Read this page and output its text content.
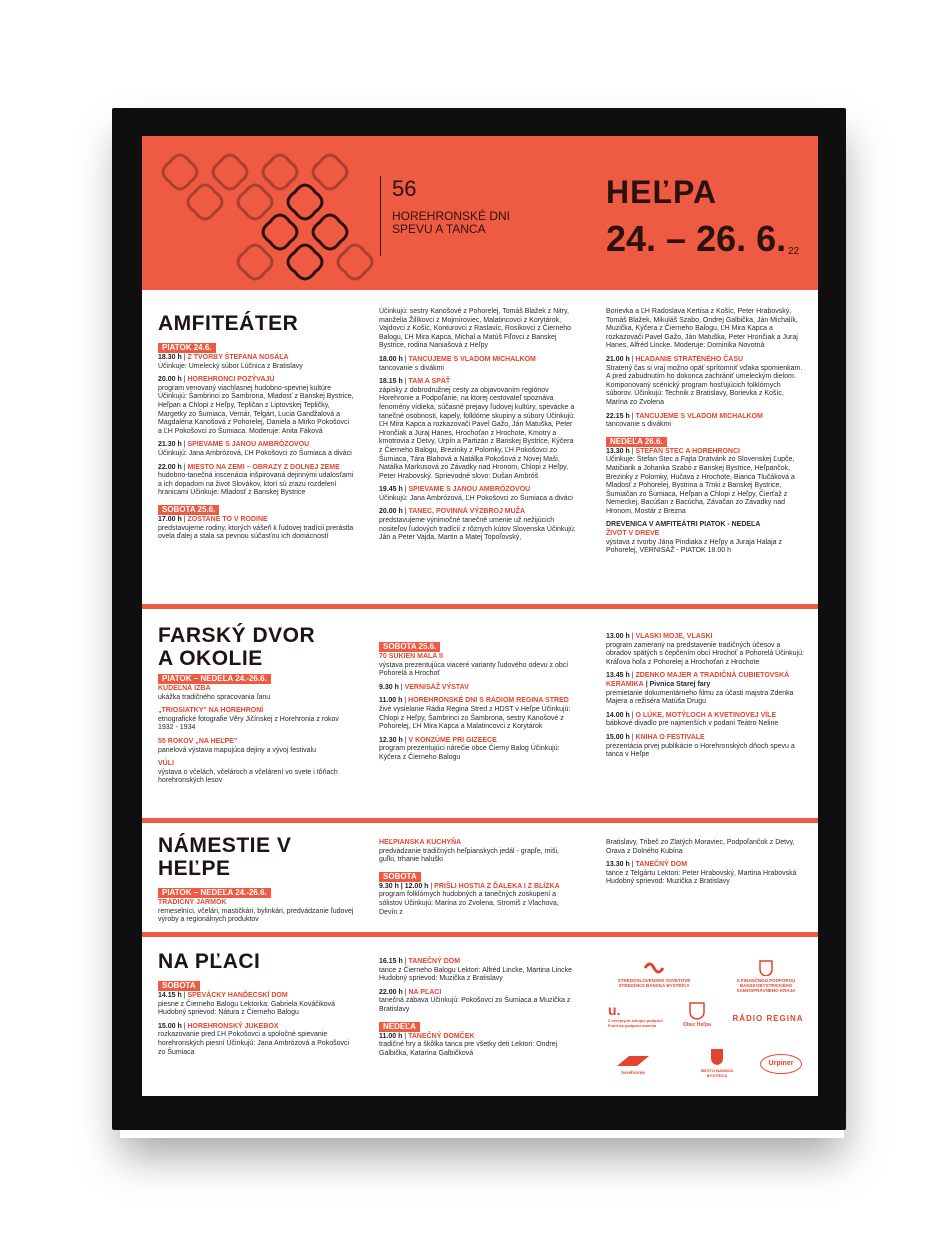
56
HOREHRONSKÉ DNI SPEVU A TANCA
HEĽPA
24. – 26. 6. 22
AMFITEÁTER
PIATOK 24.6.

18.30 h | Z TVORBY ŠTEFANA NOSÁĽA
Účinkuje: Umelecký súbor Lúčnica z Bratislavy

20.00 h | HOREHRONCI POZÝVAJÚ
program venovaný viachlasnej hudobno-spevnej kultúre Účinkujú: Šambrinci zo Šambrona, Mladosť z Banskej Bystrice, Heľpan a Chlopi z Heľpy, Tepličan z Liptovskej Tepličky, Margetky zo Šumiaca, Vernár, Telgárt, Lucia Gandžalová a Magdaléna Kanošová z Pohorelej, Daniela a Mirko Pokošovci a ĽH Pokošovci zo Šumiaca. Moderuje: Anita Fáková

21.30 h | SPIEVAME S JANOU AMBRÓZOVOU
Účinkujú: Jana Ambrózová, ĽH Pokošovci zo Šumiaca a diváci

22.00 h | MIESTO NA ZEMI – OBRAZY Z DOLNEJ ZEME
hudobno-tanečná inscenácia inšpirovaná dejinnými udalosťami a ich dopadom na život Slovákov, ktorí sú zrazu rozdelení hranicami Účinkuje: Mladosť z Banskej Bystrice

SOBOTA 25.6.

17.00 h | ZOSTANE TO V RODINE
predstavujeme rodiny, ktorých vášeň k ľudovej tradícii prerástla ovela ďalej a stala sa pevnou súčasťou ich domácností

Účinkujú: sestry Kanošové z Pohorelej, Tomáš Blažek z Nitry, manželia Žilíkovci z Mojmíroviec, Malatincovci z Korytárok, Vajdovci z Košíc, Konturovci z Raslavíc, Rosíkovci z Čierneho Balogu, ĽH Mira Kapca, Michal a Matúš Fiľovci z Banskej Bystrice, rodina Naniašová z Heľpy

18.00 h | TANCUJEME S VLADOM MICHALKOM
tancovanie s divákmi

18.15 h | TAM A SPÄŤ
zápisky z dobrodružnej cesty za objavovaním regiónov Horehronie a Podpoľanie, na ktorej cestovateľ spoznáva fenomény vídieka, súčasné prejavy ľudovej kultúry, spevácke a tanečné osobnosti, kapely, folklórne skupiny a súbory Účinkujú: ĽH Mira Kapca a rozkazovači Pavel Gažo, Ján Matuška, Peter Hrončiak a Juraj Hanes, Hrochoťan z Hrochote, Kmotry a kmotrovia z Detvy, Urpín a Partizán z Banskej Bystrice, Kýčera z Čierneho Balogu, Brezinky z Polomky, ĽH Pokošovci zo Šumiaca, Tára Blahová a Natálka Pokošová z Novej Maši, Natálka Markusová zo Závadky nad Hronom, Chlopi z Heľpy, Peter Hrabovský. Sprievodné slovo: Dušan Ambróš

19.45 h | SPIEVAME S JANOU AMBRÓZOVOU
Účinkujú: Jana Ambrózová, ĽH Pokošovci zo Šumiaca a diváci

20.00 h | TANEC, POVINNÁ VÝZBROJ MUŽA
predstavujeme výnimočné tanečné umenie už nežijúcich nositeľov ľudových tradícií z rôznych kútov Slovenska Účinkujú: Ján a Peter Vajda, Martin a Matej Topoľovský,

Borievka a ĽH Radoslava Kertisa z Košíc, Peter Hrabovský, Tomáš Blažek, Mikuláš Szabo, Ondrej Galbička, Ján Michalík, Muzička, Kýčera z Čierneho Balogu, ĽH Mira Kapca a rozkazovači Pavel Gažo, Ján Matuška, Peter Hrončiak a Juraj Hanes, Alfréd Lincke. Moderuje: Dominika Novotná

21.00 h | HĽADANIE STRATENÉHO ČASU
Stratený čas si vraj možno opäť sprítomniť vďaka spomienkam. A pred zabudnutím ho dokonca zachrániť umeleckým dielom. Komponovaný scénický program hosťujúcich folklórnych súborov. Účinkujú: Technik z Bratislavy, Borievka z Košíc, Marína zo Zvolena

22.15 h | TANCUJEME S VLADOM MICHALKOM
tancovanie s divákmi

NEDEĽA 26.6.

13.30 h | ŠTEFAN ŠTEC A HOREHRONCI
Účinkuje: Štefan Štec a Fajta Dratvárik zo Slovenskej Ľupče, Matičiarik a Johanka Szabó z Banskej Bystrice, Heľpančok, Brezinky z Polomky, Hučava z Hrochote, Bianca Tlučáková a Mladosť z Pohorelej, Bystrina a Trnki z Banskej Bystrice, Šumiačan zo Šumiaca, Heľpan a Chlopi z Heľpy, Čierťaž z Nemeckej, Bacúšan z Bacúcha, Závačan zo Závadky nad Hronom, Mostár z Brezna

DREVENICA V AMFITEÁTRI PIATOK - NEDEĽA
ŽIVOT V DREVE
výstava z tvorby Jána Pindiaka z Heľpy a Juraja Halaja z Pohorelej, VERNISÁŽ - PIATOK 18.00 h

FARSKÝ DVOR
A OKOLIE
PIATOK – NEDEĽA 24.-26.6.

KUDEĽNÁ IZBA
ukážka tradičného spracovania ľanu

„TRIOSIATKY" NA HOREHRONÍ
etnografické fotografie Věry Jičínskej z Horehronia z rokov 1932 - 1934

55 ROKOV „NA HEĽPE"
panelová výstava mapujúca dejiny a vývoj festivalu

VÚLI
výstava o včelách, včelároch a včelárení vo svete i tôňach horehronských lesov

SOBOTA 25.6.

70 SUKIEN MALA II
výstava prezentujúca viaceré varianty ľudového odevu z obcí Pohorelá a Hrochoť

9.30 h | VERNISÁŽ VÝSTAV

11.00 h | HOREHRONSKÉ DNI S RÁDIOM REGINA STRED
živé vysielanie Rádia Regina Stred z HDST v Heľpe Účinkujú: Chlopi z Heľpy, Šambrinci zo Šambrona, sestry Kanošové z Pohorelej, ĽH Mira Kapca a Malatincovci z Korytárok

12.30 h | V KONZÚME PRI GIZEECE
program prezentujúci nárečie obce Čierny Balog Účinkujú: Kýčera z Čierneho Balogu

13.00 h | VLASKI MOJE, VLASKI
program zameraný na predstavenie tradičných účesov a obradov spätých s čepčením obcí Hrochoť a Pohorelá Účinkujú: Kráľova hoľa z Pohorelej a Hrochoťan z Hrochote

13.45 h | ZDENKO MAJER A TRADIČNÁ CUBIETOVSKÁ KERAMIKA | Pivnica Starej fary
premietanie dokumentárneho filmu za účasti majstra Zdenka Majera a režiséra Matúša Drugu

14.00 h | O LÚKE, MOTÝĽOCH A KVETINOVEJ VÍLE
bábkové divadlo pre najmenších v podaní Teátro Neline

15.00 h | KNIHA O FESTIVALE
prezentácia prvej publikácie o Horehronských dňoch spevu a tanca v Heľpe

NÁMESTIE V HEĽPE
PIATOK – NEDEĽA 24.-26.6.

TRADIČNÝ JARMOK
remeselníci, včelári, mastičkári, bylinkári, predvádzanie ľudovej výroby a regionálnych produktov

HEĽPIANSKA KUCHYŇA
predvádzanie tradičných heľpianskych jedál - grapľe, miši, guľki, trhanie haluški

SOBOTA

9.30 h | 12.00 h | PRIŠLI HOSTIA Z ĎALEKA I Z BLÍZKA
program folklórnych hudobných a tanečných zoskupení a sólistov Účinkujú: Marína zo Zvolena, Stromiš z Vlachova, Devín z

Bratislavy, Tribeč zo Zlatých Moraviec, Podpoľančok z Detvy, Orava z Dolného Kubína

13.30 h | TANEČNÝ DOM
tance z Telgártu Lektori: Peter Hrabovský, Martina Hrabovská Hudobný sprievod: Muzička z Bratislavy

NA PĽACI
SOBOTA

14.15 h | SPEVÁCKY HANĎECSKÍ DOM
piesne z Čierneho Balogu Lektorka: Gabriela Kováčiková Hudobný sprievod: Nátura z Čierneho Balogu

15.00 h | HOREHRONSKÝ JUKEBOX
rozkazovanie pred ĽH Pokošovci a spoločné spievanie horehronských piesní Účinkujú: Jana Ambrózová a Pokošovci zo Šumiaca

16.15 h | TANEČNÝ DOM
tance z Čierneho Balogu Lektori: Alfréd Lincke, Martina Lincke Hudobný sprievod: Muzička z Bratislavy

22.00 h | NA PĽACI
tanečná zábava Účinkujú: Pokošovci zo Šumiaca a Muzička z Bratislavy

NEDEĽA

11.00 h | TANEČNÝ DOMČEK
tradičné hry a škôlka tanca pre všetky deti Lektori: Ondrej Galbička, Katarína Galbičková

STREDOSLOVENSKÉ OSVETOVÉ STREDISKO BANSKÁ BYSTRICA
S FINANČNOU PODPOROU BANSKOBYSTRICKÉHO SAMOSPRÁVNEHO KRAJA
u.
Z verejných zdrojov podporil Fond na podporu umenia	Obec Heľpa
RÁDIO REGINA
horehronie	MESTO BANSKÁ BYSTRICA
Urpiner
